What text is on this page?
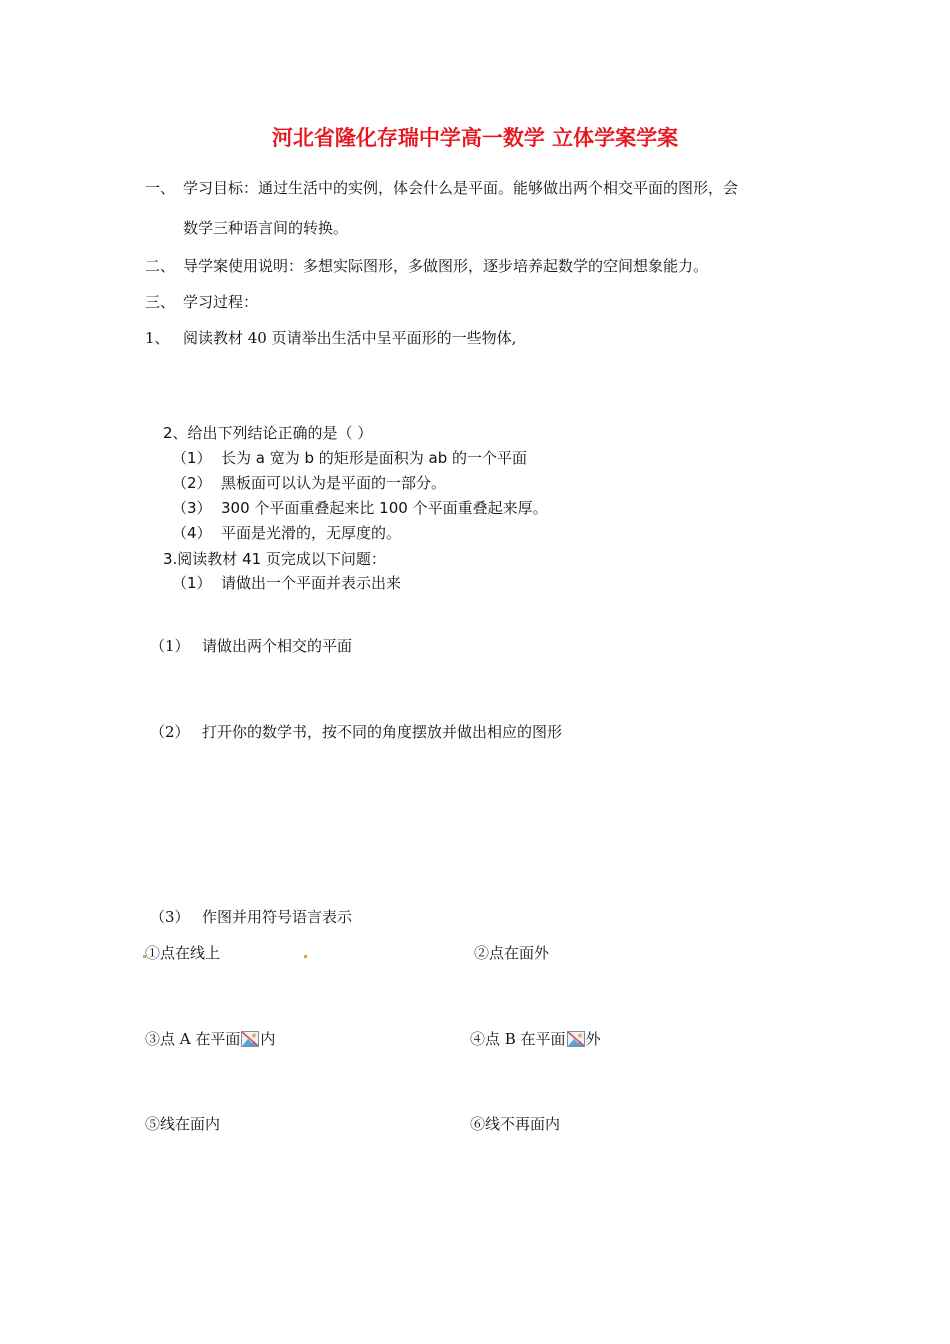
河北省隆化存瑞中学高一数学 立体学案学案
一、 学习目标：通过生活中的实例，体会什么是平面。能够做出两个相交平面的图形，会
数学三种语言间的转换。
二、 导学案使用说明：多想实际图形，多做图形，逐步培养起数学的空间想象能力。
三、 学习过程：
1、 阅读教材 40 页请举出生活中呈平面形的一些物体,
2、给出下列结论正确的是（ ）
（1） 长为 a 宽为 b 的矩形是面积为 ab 的一个平面
（2） 黑板面可以认为是平面的一部分。
（3） 300 个平面重叠起来比 100 个平面重叠起来厚。
（4） 平面是光滑的，无厚度的。
3.阅读教材 41 页完成以下问题：
（1） 请做出一个平面并表示出来
（1） 请做出两个相交的平面
（2） 打开你的数学书，按不同的角度摆放并做出相应的图形
（3） 作图并用符号语言表示
①点在线上	②点在面外
③点 A 在平面 内	④点 B 在平面 外
⑤线在面内	⑥线不再面内
